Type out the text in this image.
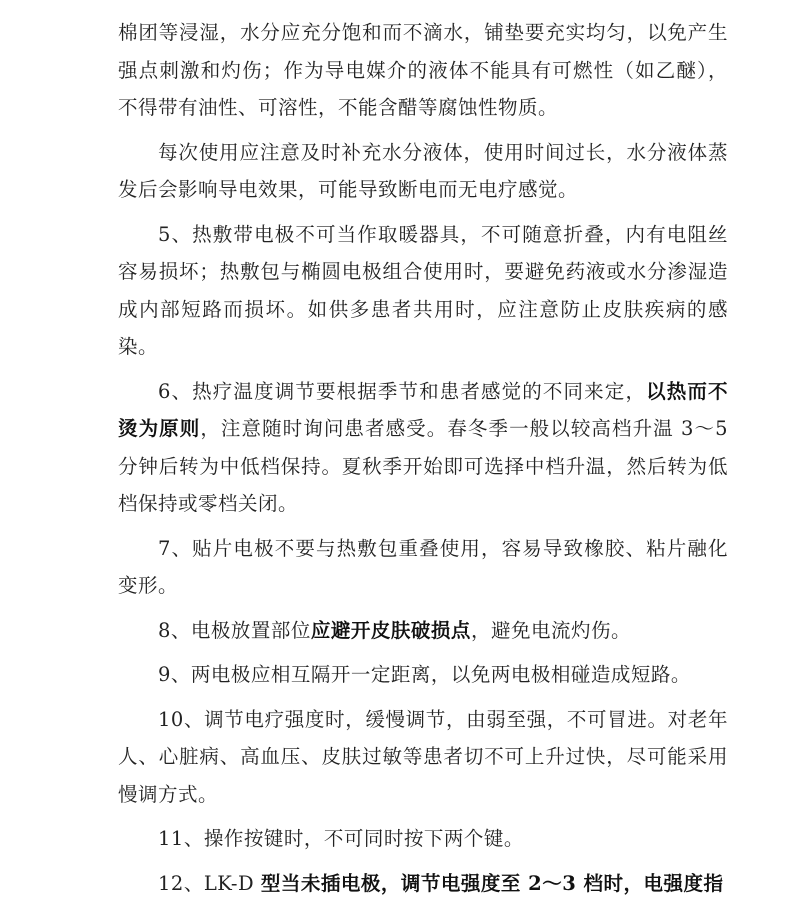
棉团等浸湿，水分应充分饱和而不滴水，铺垫要充实均匀，以免产生强点刺激和灼伤；作为导电媒介的液体不能具有可燃性（如乙醚），不得带有油性、可溶性，不能含醋等腐蚀性物质。

每次使用应注意及时补充水分液体，使用时间过长，水分液体蒸发后会影响导电效果，可能导致断电而无电疗感觉。

5、热敷带电极不可当作取暖器具，不可随意折叠，内有电阻丝容易损坏；热敷包与椭圆电极组合使用时，要避免药液或水分渗湿造成内部短路而损坏。如供多患者共用时，应注意防止皮肤疾病的感染。

6、热疗温度调节要根据季节和患者感觉的不同来定，以热而不烫为原则，注意随时询问患者感受。春冬季一般以较高档升温 3～5 分钟后转为中低档保持。夏秋季开始即可选择中档升温，然后转为低档保持或零档关闭。

7、贴片电极不要与热敷包重叠使用，容易导致橡胶、粘片融化变形。

8、电极放置部位应避开皮肤破损点，避免电流灼伤。

9、两电极应相互隔开一定距离，以免两电极相碰造成短路。

10、调节电疗强度时，缓慢调节，由弱至强，不可冒进。对老年人、心脏病、高血压、皮肤过敏等患者切不可上升过快，尽可能采用慢调方式。

11、操作按键时，不可同时按下两个键。

12、LK-D 型当未插电极，调节电强度至 2～3 档时，电强度指
